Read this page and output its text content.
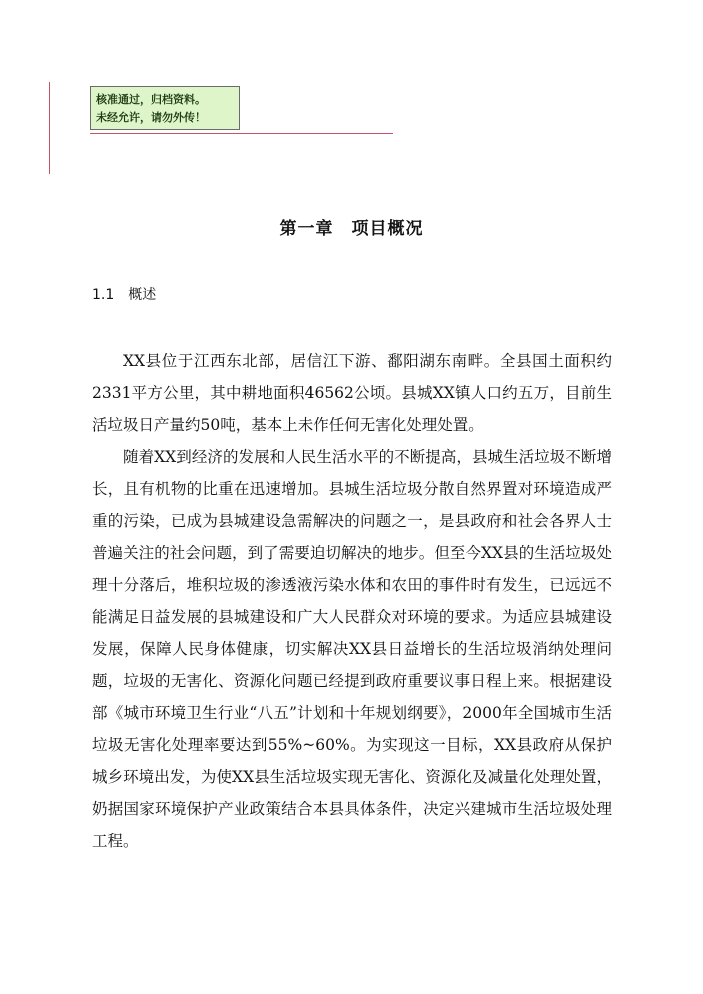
核准通过，归档资料。
未经允许，请勿外传！
第一章　项目概况
1.1　概述

XX县位于江西东北部，居信江下游、鄱阳湖东南畔。全县国土面积约2331平方公里，其中耕地面积46562公顷。县城XX镇人口约五万，目前生活垃圾日产量约50吨，基本上未作任何无害化处理处置。

随着XX到经济的发展和人民生活水平的不断提高，县城生活垃圾不断增长，且有机物的比重在迅速增加。县城生活垃圾分散自然界置对环境造成严重的污染，已成为县城建设急需解决的问题之一，是县政府和社会各界人士普遍关注的社会问题，到了需要迫切解决的地步。但至今XX县的生活垃圾处理十分落后，堆积垃圾的渗透液污染水体和农田的事件时有发生，已远远不能满足日益发展的县城建设和广大人民群众对环境的要求。为适应县城建设发展，保障人民身体健康，切实解决XX县日益增长的生活垃圾消纳处理问题，垃圾的无害化、资源化问题已经提到政府重要议事日程上来。根据建设部《城市环境卫生行业“八五”计划和十年规划纲要》，2000年全国城市生活垃圾无害化处理率要达到55%~60%。为实现这一目标，XX县政府从保护城乡环境出发，为使XX县生活垃圾实现无害化、资源化及减量化处理处置，奶据国家环境保护产业政策结合本县具体条件，决定兴建城市生活垃圾处理工程。
